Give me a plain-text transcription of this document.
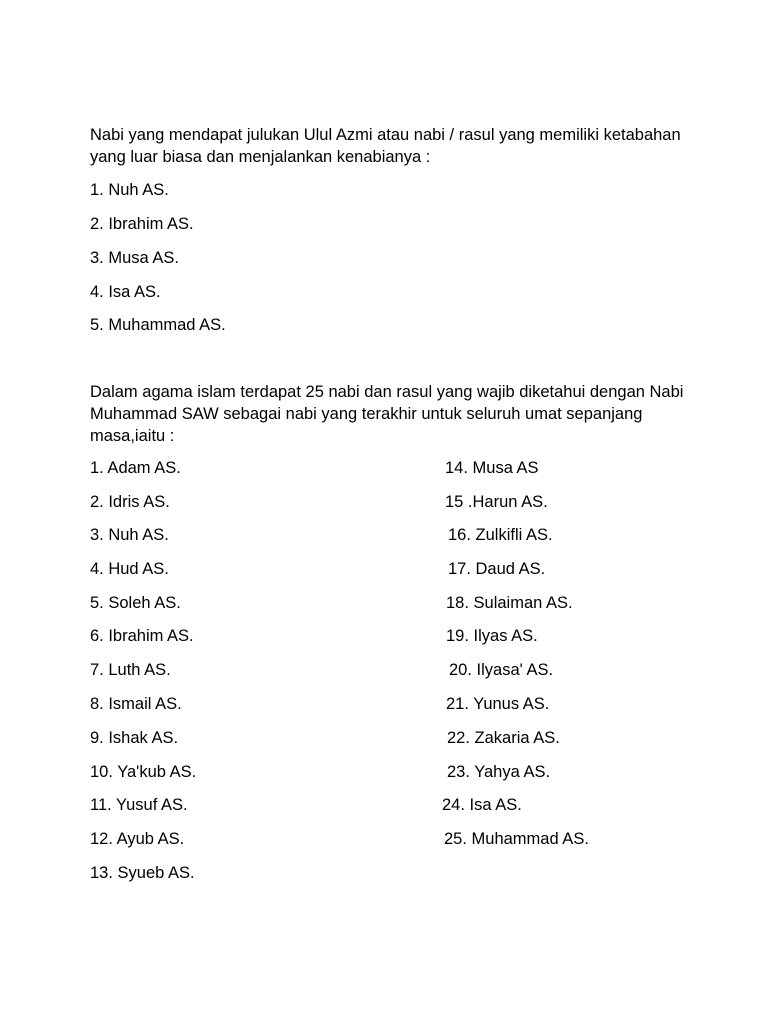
Nabi yang mendapat julukan Ulul Azmi atau nabi / rasul yang memiliki ketabahan yang luar biasa dan menjalankan kenabianya :

1. Nuh AS.
2. Ibrahim AS.
3. Musa AS.
4. Isa AS.
5. Muhammad AS.

Dalam agama islam terdapat 25 nabi dan rasul yang wajib diketahui dengan Nabi Muhammad SAW sebagai nabi yang terakhir untuk seluruh umat sepanjang masa,iaitu :

1. Adam AS.
2. Idris AS.
3. Nuh AS.
4. Hud AS.
5. Soleh AS.
6. Ibrahim AS.
7. Luth AS.
8. Ismail AS.
9. Ishak AS.
10. Ya'kub AS.
11. Yusuf AS.
12. Ayub AS.
13. Syueb AS.
14. Musa AS
15 .Harun AS.
16. Zulkifli AS.
17. Daud AS.
18. Sulaiman AS.
19. Ilyas AS.
20. Ilyasa' AS.
21. Yunus AS.
22. Zakaria AS.
23. Yahya AS.
24. Isa AS.
25. Muhammad AS.
